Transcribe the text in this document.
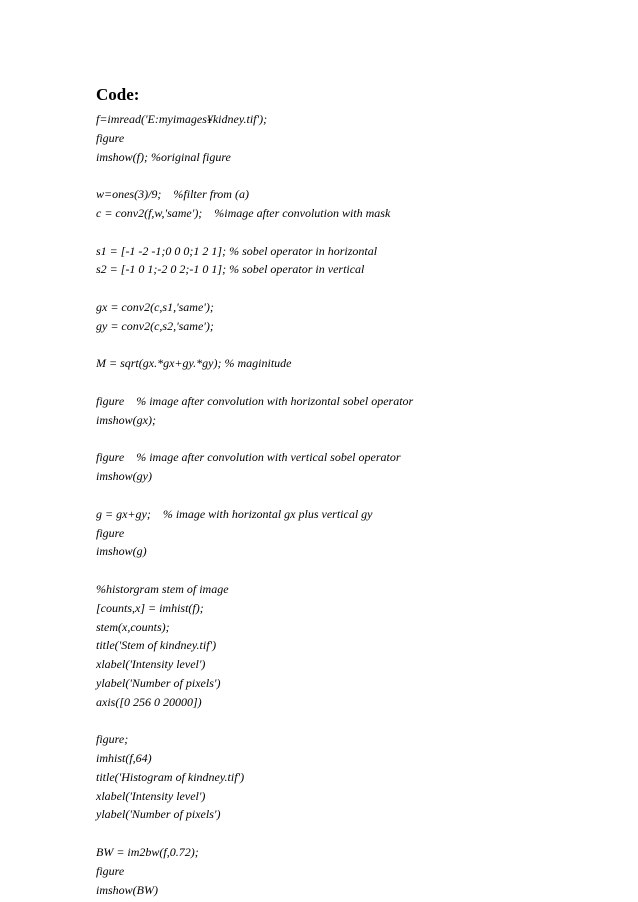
Code:
f=imread('E:myimages¥kidney.tif');
figure
imshow(f); %original figure
w=ones(3)/9;    %filter from (a)
c = conv2(f,w,'same');    %image after convolution with mask
s1 = [-1 -2 -1;0 0 0;1 2 1]; % sobel operator in horizontal
s2 = [-1 0 1;-2 0 2;-1 0 1]; % sobel operator in vertical
gx = conv2(c,s1,'same');
gy = conv2(c,s2,'same');
M = sqrt(gx.*gx+gy.*gy); % maginitude
figure    % image after convolution with horizontal sobel operator
imshow(gx);
figure    % image after convolution with vertical sobel operator
imshow(gy)
g = gx+gy;    % image with horizontal gx plus vertical gy
figure
imshow(g)
%historgram stem of image
[counts,x] = imhist(f);
stem(x,counts);
title('Stem of kindney.tif')
xlabel('Intensity level')
ylabel('Number of pixels')
axis([0 256 0 20000])
figure;
imhist(f,64)
title('Histogram of kindney.tif')
xlabel('Intensity level')
ylabel('Number of pixels')
BW = im2bw(f,0.72);
figure
imshow(BW)
